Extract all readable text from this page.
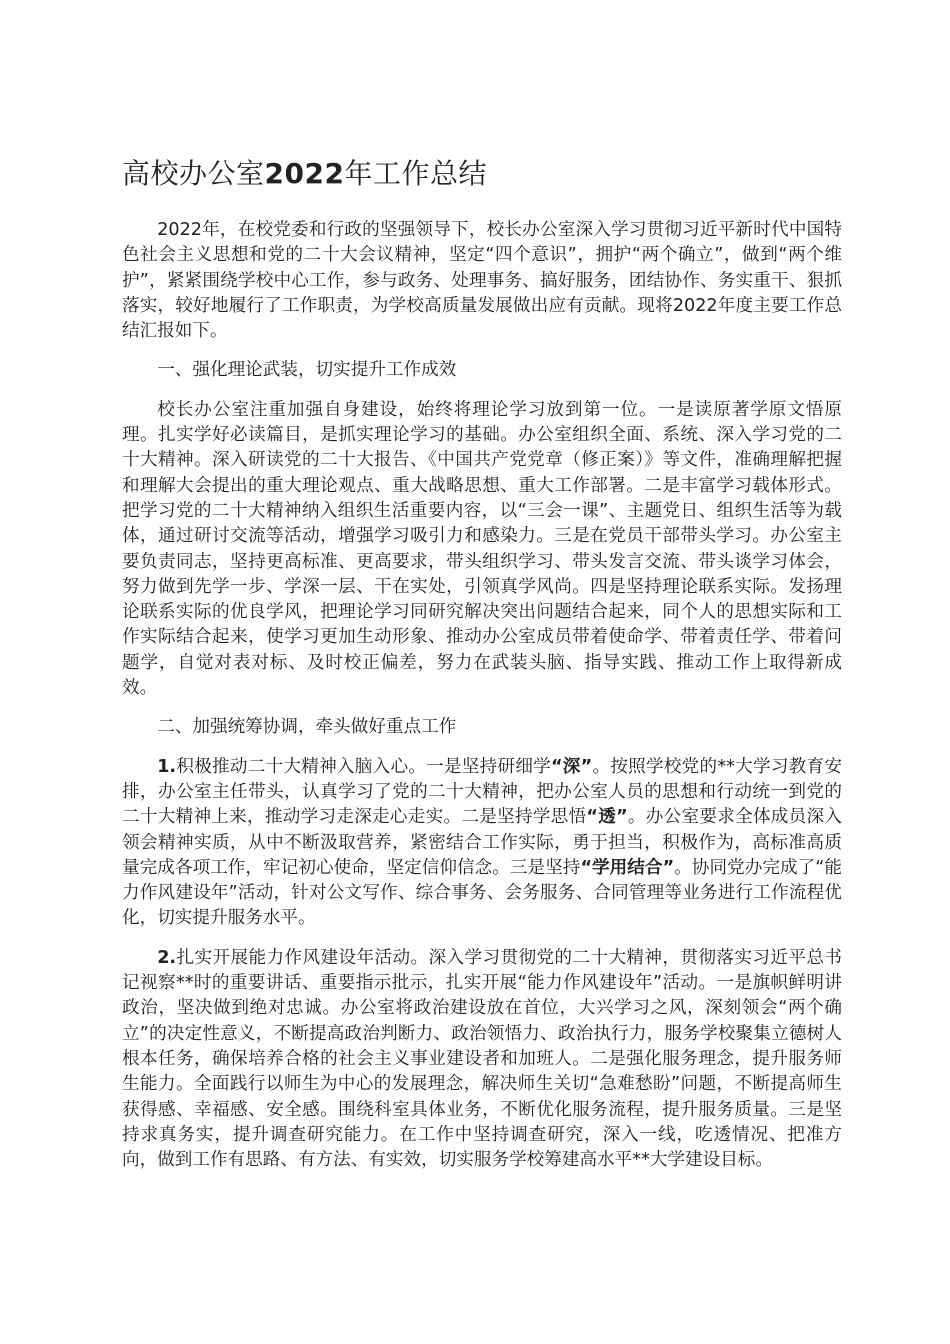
高校办公室2022年工作总结

2022年，在校党委和行政的坚强领导下，校长办公室深入学习贯彻习近平新时代中国特色社会主义思想和党的二十大会议精神，坚定“四个意识”，拥护“两个确立”，做到“两个维护”，紧紧围绕学校中心工作，参与政务、处理事务、搞好服务，团结协作、务实重干、狠抓落实，较好地履行了工作职责，为学校高质量发展做出应有贡献。现将2022年度主要工作总结汇报如下。

一、强化理论武装，切实提升工作成效

校长办公室注重加强自身建设，始终将理论学习放到第一位。一是读原著学原文悟原理。扎实学好必读篇目，是抓实理论学习的基础。办公室组织全面、系统、深入学习党的二十大精神。深入研读党的二十大报告、《中国共产党党章（修正案）》等文件，准确理解把握和理解大会提出的重大理论观点、重大战略思想、重大工作部署。二是丰富学习载体形式。把学习党的二十大精神纳入组织生活重要内容，以“三会一课”、主题党日、组织生活等为载体，通过研讨交流等活动，增强学习吸引力和感染力。三是在党员干部带头学习。办公室主要负责同志，坚持更高标准、更高要求，带头组织学习、带头发言交流、带头谈学习体会，努力做到先学一步、学深一层、干在实处，引领真学风尚。四是坚持理论联系实际。发扬理论联系实际的优良学风，把理论学习同研究解决突出问题结合起来，同个人的思想实际和工作实际结合起来，使学习更加生动形象、推动办公室成员带着使命学、带着责任学、带着问题学，自觉对表对标、及时校正偏差，努力在武装头脑、指导实践、推动工作上取得新成效。

二、加强统筹协调，牵头做好重点工作

1.积极推动二十大精神入脑入心。一是坚持研细学“深”。按照学校党的**大学习教育安排，办公室主任带头，认真学习了党的二十大精神，把办公室人员的思想和行动统一到党的二十大精神上来，推动学习走深走心走实。二是坚持学思悟“透”。办公室要求全体成员深入领会精神实质，从中不断汲取营养，紧密结合工作实际，勇于担当，积极作为，高标准高质量完成各项工作，牢记初心使命，坚定信仰信念。三是坚持“学用结合”。协同党办完成了“能力作风建设年”活动，针对公文写作、综合事务、会务服务、合同管理等业务进行工作流程优化，切实提升服务水平。

2.扎实开展能力作风建设年活动。深入学习贯彻党的二十大精神，贯彻落实习近平总书记视察**时的重要讲话、重要指示批示，扎实开展“能力作风建设年”活动。一是旗帜鲜明讲政治，坚决做到绝对忠诚。办公室将政治建设放在首位，大兴学习之风，深刻领会“两个确立”的决定性意义，不断提高政治判断力、政治领悟力、政治执行力，服务学校聚集立德树人根本任务，确保培养合格的社会主义事业建设者和加班人。二是强化服务理念，提升服务师生能力。全面践行以师生为中心的发展理念，解决师生关切“急难愁盼”问题，不断提高师生获得感、幸福感、安全感。围绕科室具体业务，不断优化服务流程，提升服务质量。三是坚持求真务实，提升调查研究能力。在工作中坚持调查研究，深入一线，吃透情况、把准方向，做到工作有思路、有方法、有实效，切实服务学校筹建高水平**大学建设目标。
